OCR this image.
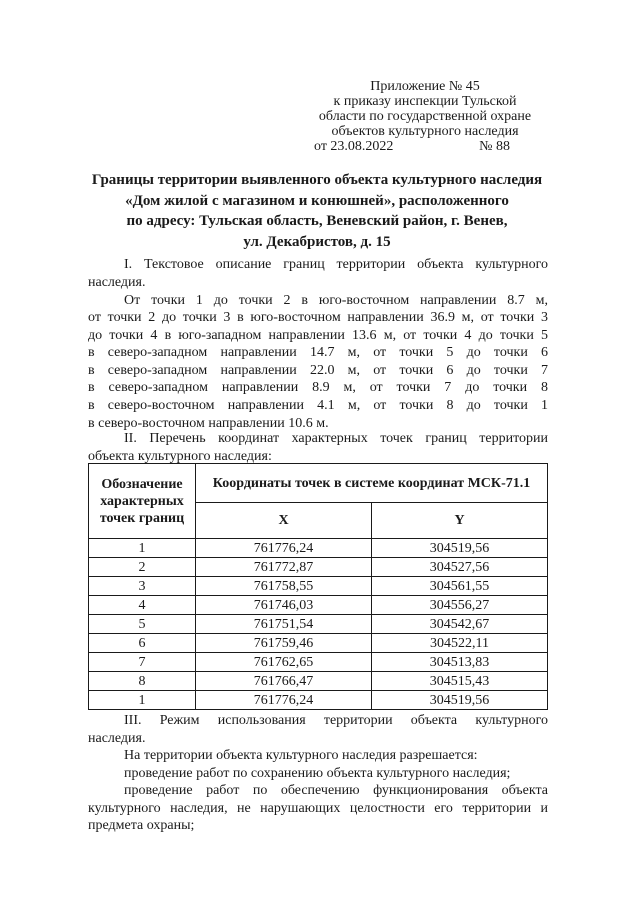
Приложение № 45
к приказу инспекции Тульской
области по государственной охране
объектов культурного наследия
от 23.08.2022	№ 88
Границы территории выявленного объекта культурного наследия
«Дом жилой с магазином и конюшней», расположенного
по адресу: Тульская область, Веневский район, г. Венев,
ул. Декабристов, д. 15
I. Текстовое описание границ территории объекта культурного
наследия.
От точки 1 до точки 2 в юго-восточном направлении 8.7 м,
от точки 2 до точки 3 в юго-восточном направлении 36.9 м, от точки 3
до точки 4 в юго-западном направлении 13.6 м, от точки 4 до точки 5
в северо-западном направлении 14.7 м, от точки 5 до точки 6
в северо-западном направлении 22.0 м, от точки 6 до точки 7
в северо-западном направлении 8.9 м, от точки 7 до точки 8
в северо-восточном направлении 4.1 м, от точки 8 до точки 1
в северо-восточном направлении 10.6 м.
II. Перечень координат характерных точек границ территории
объекта культурного наследия:
Обозначение характерных точек границ	Координаты точек в системе координат МСК-71.1	
	X	Y
1	761776,24	304519,56
2	761772,87	304527,56
3	761758,55	304561,55
4	761746,03	304556,27
5	761751,54	304542,67
6	761759,46	304522,11
7	761762,65	304513,83
8	761766,47	304515,43
1	761776,24	304519,56
III. Режим использования территории объекта культурного
наследия.
На территории объекта культурного наследия разрешается:
проведение работ по сохранению объекта культурного наследия;
проведение работ по обеспечению функционирования объекта
культурного наследия, не нарушающих целостности его территории и
предмета охраны;
